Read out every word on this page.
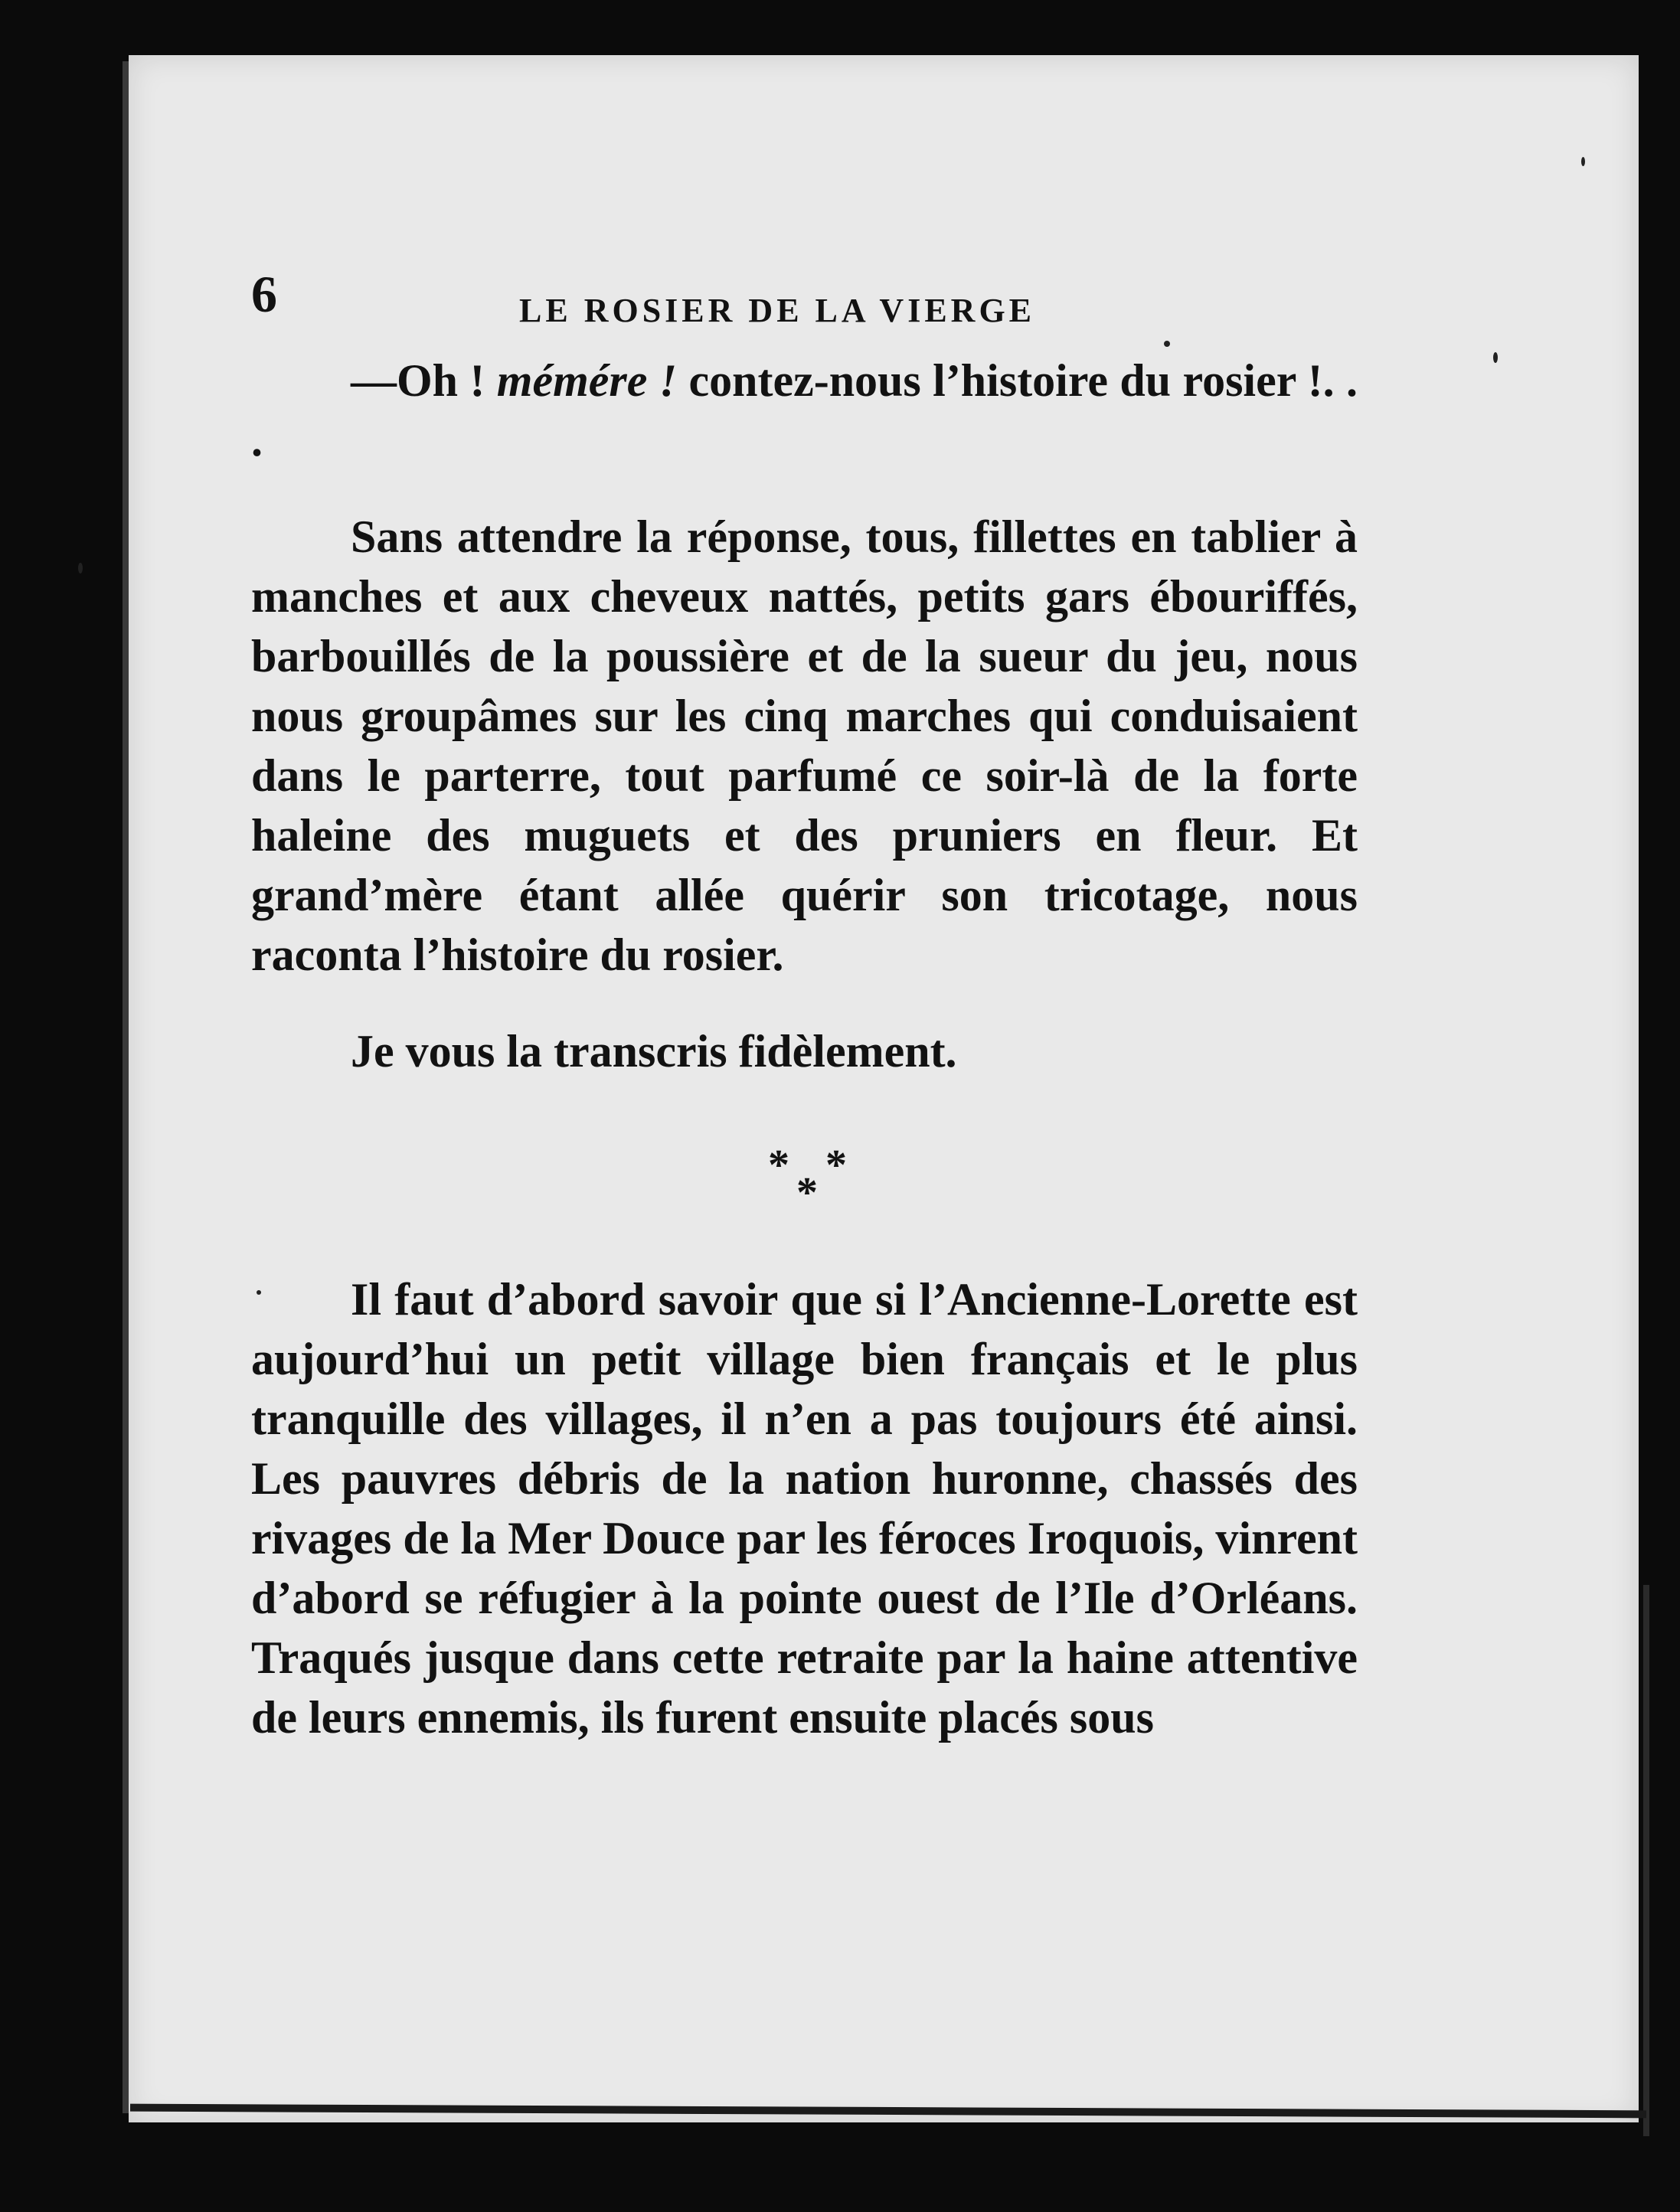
6	LE ROSIER DE LA VIERGE

—Oh ! mémére ! contez-nous l’histoire du rosier !. . .

Sans attendre la réponse, tous, fillettes en tablier à manches et aux cheveux nattés, petits gars ébouriffés, barbouillés de la poussière et de la sueur du jeu, nous nous groupâmes sur les cinq marches qui conduisaient dans le parterre, tout parfumé ce soir-là de la forte haleine des muguets et des pruniers en fleur. Et grand’mère étant allée quérir son tricotage, nous raconta l’histoire du rosier.

Je vous la transcris fidèlement.

* *
*

Il faut d’abord savoir que si l’Ancienne-Lorette est aujourd’hui un petit village bien français et le plus tranquille des villages, il n’en a pas toujours été ainsi. Les pauvres débris de la nation huronne, chassés des rivages de la Mer Douce par les féroces Iroquois, vinrent d’abord se réfugier à la pointe ouest de l’Ile d’Orléans. Traqués jusque dans cette retraite par la haine attentive de leurs ennemis, ils furent ensuite placés sous
